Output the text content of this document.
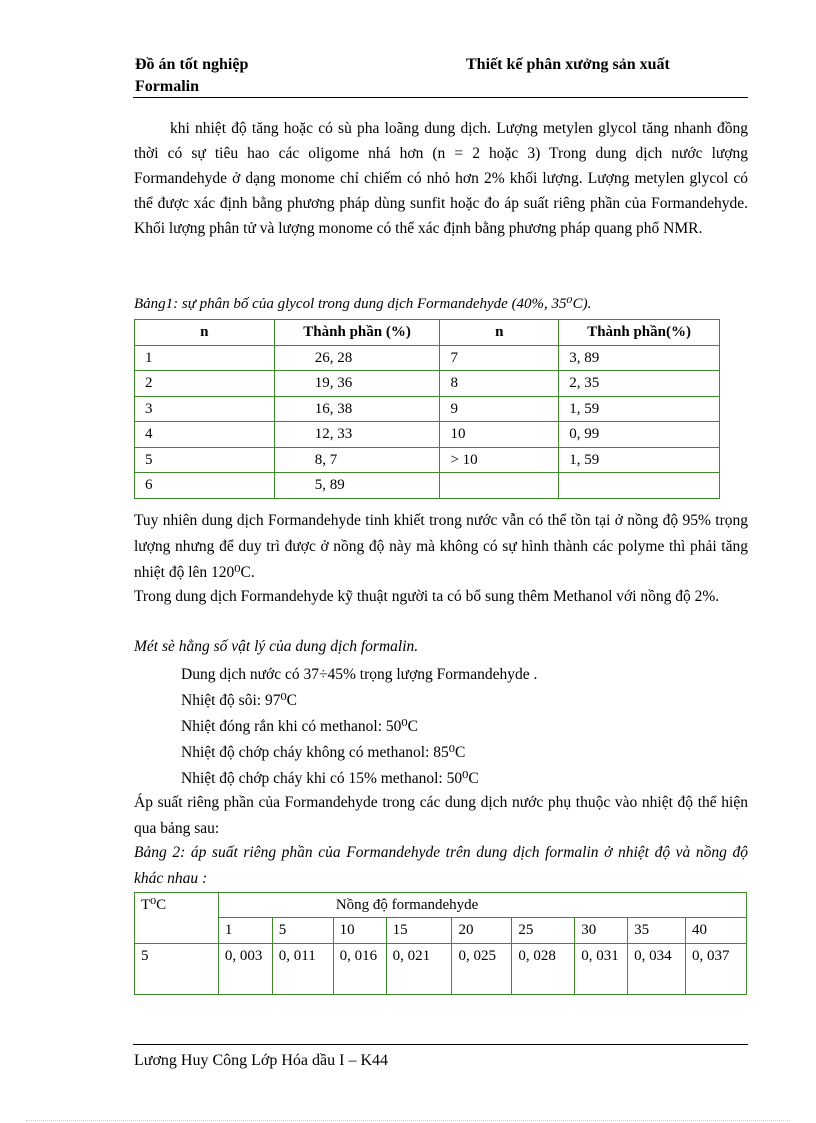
Đồ án tốt nghiệp
Formalin
Thiết kế phân xưởng sản xuất
khi nhiệt độ tăng hoặc có sù pha loãng dung dịch. Lượng metylen glycol tăng nhanh đồng thời có sự tiêu hao các oligome nhá hơn (n = 2 hoặc 3) Trong dung dịch nước lượng Formandehyde ở dạng monome chỉ chiếm có nhỏ hơn 2% khối lượng. Lượng metylen glycol có thể được xác định bằng phương pháp dùng sunfit hoặc đo áp suất riêng phần của Formandehyde. Khối lượng phân tử và lượng monome có thể xác định bằng phương pháp quang phổ NMR.
Bảng1: sự phân bố của glycol trong dung dịch Formandehyde (40%, 35⁰C).
n	Thành phần (%)	n	Thành phần(%)
1	26, 28	7	3, 89
2	19, 36	8	2, 35
3	16, 38	9	1, 59
4	12, 33	10	0, 99
5	8, 7	> 10	1, 59
6	5, 89		
Tuy nhiên dung dịch Formandehyde tinh khiết trong nước vẫn có thể tồn tại ở nồng độ 95% trọng lượng nhưng để duy trì được ở nồng độ này mà không có sự hình thành các polyme thì phải tăng nhiệt độ lên 120⁰C.
Trong dung dịch Formandehyde kỹ thuật người ta có bổ sung thêm Methanol với nồng độ 2%.
Mét sè hằng số vật lý của dung dịch formalin.
Dung dịch nước có 37÷45% trọng lượng Formandehyde .
Nhiệt độ sôi: 97⁰C
Nhiệt đóng rắn khi có methanol: 50⁰C
Nhiệt độ chớp cháy không có methanol: 85⁰C
Nhiệt độ chớp cháy khi có 15% methanol: 50⁰C
Áp suất riêng phần của Formandehyde trong các dung dịch nước phụ thuộc vào nhiệt độ thể hiện qua bảng sau:
Bảng 2: áp suất riêng phần của Formandehyde trên dung dịch formalin ở nhiệt độ và nồng độ khác nhau :
T⁰C	Nồng độ formandehyde								
	1	5	10	15	20	25	30	35	40
5	0, 003	0, 011	0, 016	0, 021	0, 025	0, 028	0, 031	0, 034	0, 037
Lương Huy Công Lớp Hóa dầu I – K44
